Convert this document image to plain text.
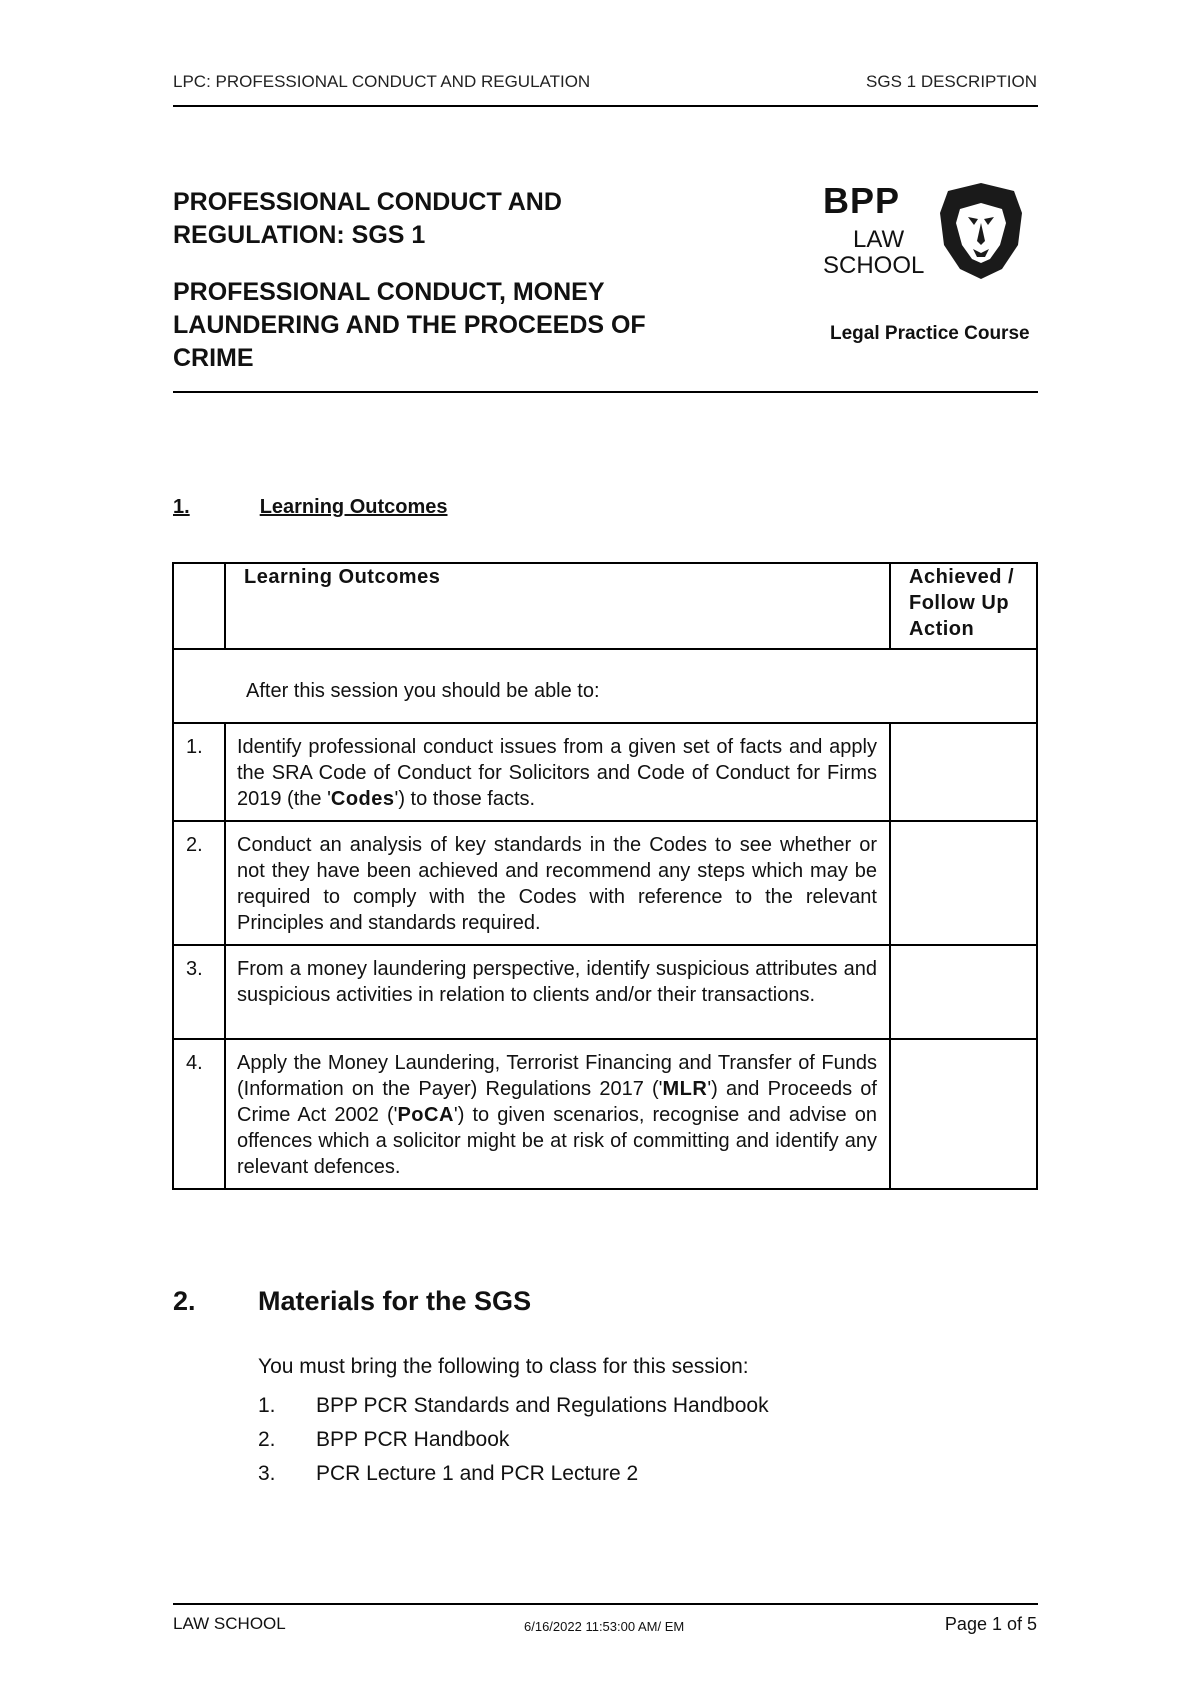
LPC: PROFESSIONAL CONDUCT AND REGULATION	SGS 1 DESCRIPTION
PROFESSIONAL CONDUCT AND
REGULATION: SGS 1
PROFESSIONAL CONDUCT, MONEY
LAUNDERING AND THE PROCEEDS OF
CRIME
BPP
LAW
SCHOOL
Legal Practice Course
1.	Learning Outcomes
	Learning Outcomes	Achieved /
Follow Up
Action

After this session you should be able to:		
1.	Identify professional conduct issues from a given set of facts and apply the SRA Code of Conduct for Solicitors and Code of Conduct for Firms 2019 (the 'Codes') to those facts.	
2.	Conduct an analysis of key standards in the Codes to see whether or not they have been achieved and recommend any steps which may be required to comply with the Codes with reference to the relevant Principles and standards required.	
3.	From a money laundering perspective, identify suspicious attributes and suspicious activities in relation to clients and/or their transactions.	
4.	Apply the Money Laundering, Terrorist Financing and Transfer of Funds (Information on the Payer) Regulations 2017 ('MLR') and Proceeds of Crime Act 2002 ('PoCA') to given scenarios, recognise and advise on offences which a solicitor might be at risk of committing and identify any relevant defences.	
2. Materials for the SGS
You must bring the following to class for this session:
1. BPP PCR Standards and Regulations Handbook
2. BPP PCR Handbook
3. PCR Lecture 1 and PCR Lecture 2
LAW SCHOOL	6/16/2022 11:53:00 AM/ EM	Page 1 of 5
